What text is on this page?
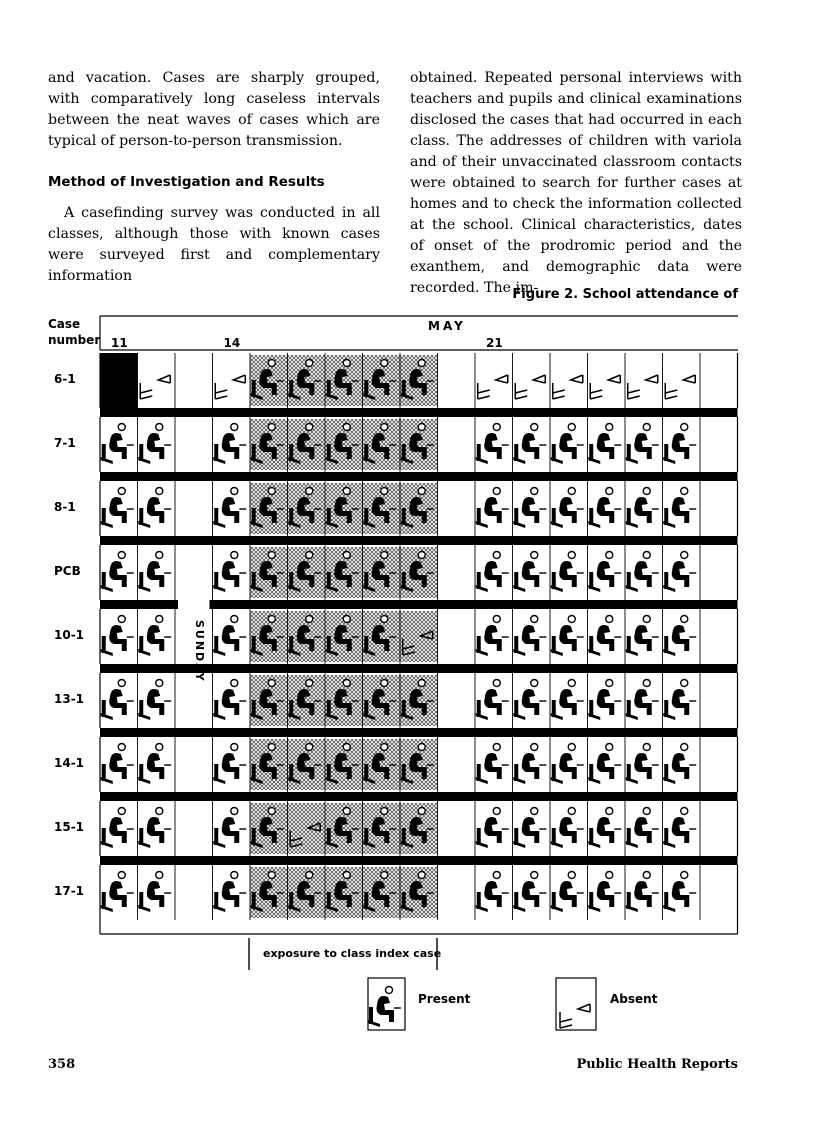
and vacation. Cases are sharply grouped, with comparatively long caseless intervals between the neat waves of cases which are typical of person-to-person transmission.

Method of Investigation and Results

A casefinding survey was conducted in all classes, although those with known cases were surveyed first and complementary information

obtained. Repeated personal interviews with teachers and pupils and clinical examinations disclosed the cases that had occurred in each class. The addresses of children with variola and of their unvaccinated classroom contacts were obtained to search for further cases at homes and to check the information collected at the school. Clinical characteristics, dates of onset of the prodromic period and the exanthem, and demographic data were recorded. The im-

Figure 2. School attendance of
Case
number
MAY
11	14	21
6-1
7-1
8-1
PCB
10-1
13-1
14-1
15-1
17-1
SUNDAY
exposure to class index case
Present	Absent
358	Public Health Reports
